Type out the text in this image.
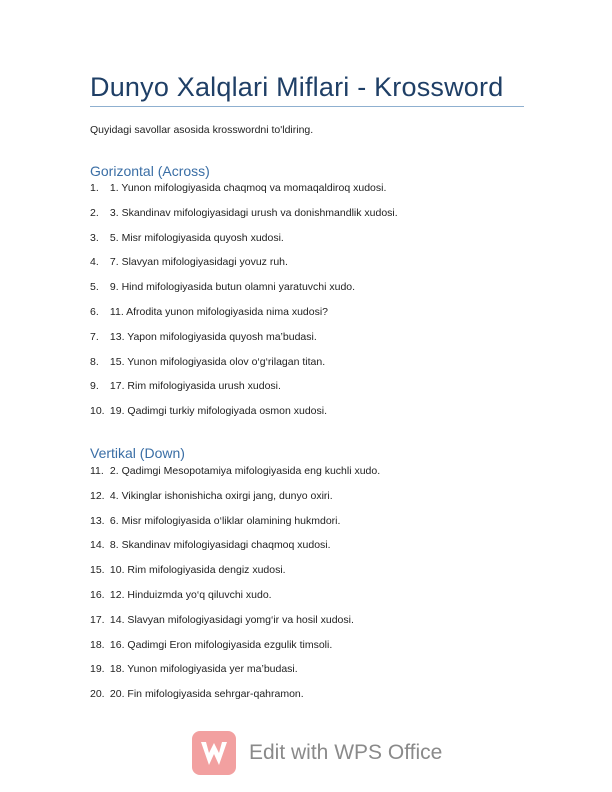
Dunyo Xalqlari Miflari - Krossword
Quyidagi savollar asosida krosswordni to'ldiring.
Gorizontal (Across)
1. 1. Yunon mifologiyasida chaqmoq va momaqaldiroq xudosi.
2. 3. Skandinav mifologiyasidagi urush va donishmandlik xudosi.
3. 5. Misr mifologiyasida quyosh xudosi.
4. 7. Slavyan mifologiyasidagi yovuz ruh.
5. 9. Hind mifologiyasida butun olamni yaratuvchi xudo.
6. 11. Afrodita yunon mifologiyasida nima xudosi?
7. 13. Yapon mifologiyasida quyosh ma’budasi.
8. 15. Yunon mifologiyasida olov o‘g‘rilagan titan.
9. 17. Rim mifologiyasida urush xudosi.
10. 19. Qadimgi turkiy mifologiyada osmon xudosi.
Vertikal (Down)
11. 2. Qadimgi Mesopotamiya mifologiyasida eng kuchli xudo.
12. 4. Vikinglar ishonishicha oxirgi jang, dunyo oxiri.
13. 6. Misr mifologiyasida o‘liklar olamining hukmdori.
14. 8. Skandinav mifologiyasidagi chaqmoq xudosi.
15. 10. Rim mifologiyasida dengiz xudosi.
16. 12. Hinduizmda yo‘q qiluvchi xudo.
17. 14. Slavyan mifologiyasidagi yomg‘ir va hosil xudosi.
18. 16. Qadimgi Eron mifologiyasida ezgulik timsoli.
19. 18. Yunon mifologiyasida yer ma’budasi.
20. 20. Fin mifologiyasida sehrgar-qahramon.
Edit with WPS Office
